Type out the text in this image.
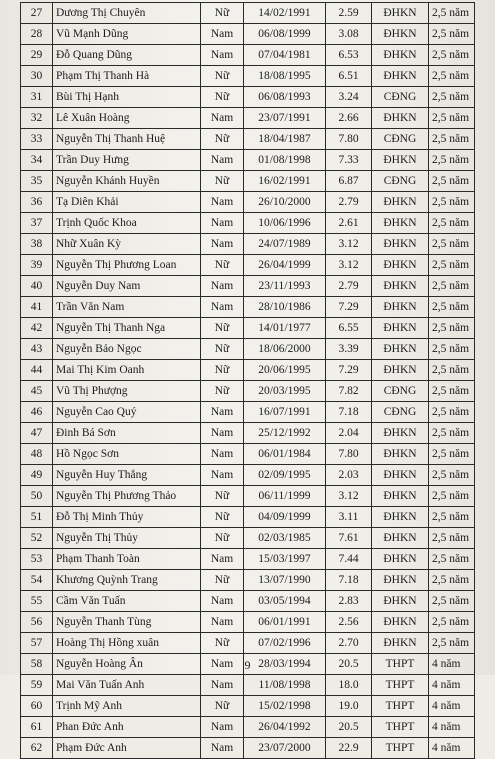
27	Dương Thị Chuyên	Nữ	14/02/1991	2.59	ĐHKN	2,5 năm
28	Vũ Mạnh Dũng	Nam	06/08/1999	3.08	ĐHKN	2,5 năm
29	Đỗ Quang Dũng	Nam	07/04/1981	6.53	ĐHKN	2,5 năm
30	Phạm Thị Thanh Hà	Nữ	18/08/1995	6.51	ĐHKN	2,5 năm
31	Bùi Thị Hạnh	Nữ	06/08/1993	3.24	CĐNG	2,5 năm
32	Lê Xuân Hoàng	Nam	23/07/1991	2.66	ĐHKN	2,5 năm
33	Nguyễn Thị Thanh Huệ	Nữ	18/04/1987	7.80	CĐNG	2,5 năm
34	Trần Duy Hưng	Nam	01/08/1998	7.33	ĐHKN	2,5 năm
35	Nguyễn Khánh Huyền	Nữ	16/02/1991	6.87	CĐNG	2,5 năm
36	Tạ Diên Khải	Nam	26/10/2000	2.79	ĐHKN	2,5 năm
37	Trịnh Quốc Khoa	Nam	10/06/1996	2.61	ĐHKN	2,5 năm
38	Nhữ Xuân Kỳ	Nam	24/07/1989	3.12	ĐHKN	2,5 năm
39	Nguyễn Thị Phương Loan	Nữ	26/04/1999	3.12	ĐHKN	2,5 năm
40	Nguyễn Duy Nam	Nam	23/11/1993	2.79	ĐHKN	2,5 năm
41	Trần Văn Nam	Nam	28/10/1986	7.29	ĐHKN	2,5 năm
42	Nguyễn Thị Thanh Nga	Nữ	14/01/1977	6.55	ĐHKN	2,5 năm
43	Nguyễn Bảo Ngọc	Nữ	18/06/2000	3.39	ĐHKN	2,5 năm
44	Mai Thị Kim Oanh	Nữ	20/06/1995	7.29	ĐHKN	2,5 năm
45	Vũ Thị Phượng	Nữ	20/03/1995	7.82	CĐNG	2,5 năm
46	Nguyễn Cao Quý	Nam	16/07/1991	7.18	CĐNG	2,5 năm
47	Đinh Bá Sơn	Nam	25/12/1992	2.04	ĐHKN	2,5 năm
48	Hồ Ngọc Sơn	Nam	06/01/1984	7.80	ĐHKN	2,5 năm
49	Nguyễn Huy Thắng	Nam	02/09/1995	2.03	ĐHKN	2,5 năm
50	Nguyễn Thị Phương Thảo	Nữ	06/11/1999	3.12	ĐHKN	2,5 năm
51	Đỗ Thị Minh Thủy	Nữ	04/09/1999	3.11	ĐHKN	2,5 năm
52	Nguyễn Thị Thủy	Nữ	02/03/1985	7.61	ĐHKN	2,5 năm
53	Phạm Thanh Toàn	Nam	15/03/1997	7.44	ĐHKN	2,5 năm
54	Khương Quỳnh Trang	Nữ	13/07/1990	7.18	ĐHKN	2,5 năm
55	Cầm Văn Tuấn	Nam	03/05/1994	2.83	ĐHKN	2,5 năm
56	Nguyễn Thanh Tùng	Nam	06/01/1991	2.56	ĐHKN	2,5 năm
57	Hoàng Thị Hồng xuân	Nữ	07/02/1996	2.70	ĐHKN	2,5 năm
58	Nguyễn Hoàng Ân	Nam	28/03/1994	20.5	THPT	4 năm
59	Mai Văn Tuấn Anh	Nam	11/08/1998	18.0	THPT	4 năm
60	Trịnh Mỹ Anh	Nữ	15/02/1998	19.0	THPT	4 năm
61	Phan Đức Anh	Nam	26/04/1992	20.5	THPT	4 năm
62	Phạm Đức Anh	Nam	23/07/2000	22.9	THPT	4 năm
9
